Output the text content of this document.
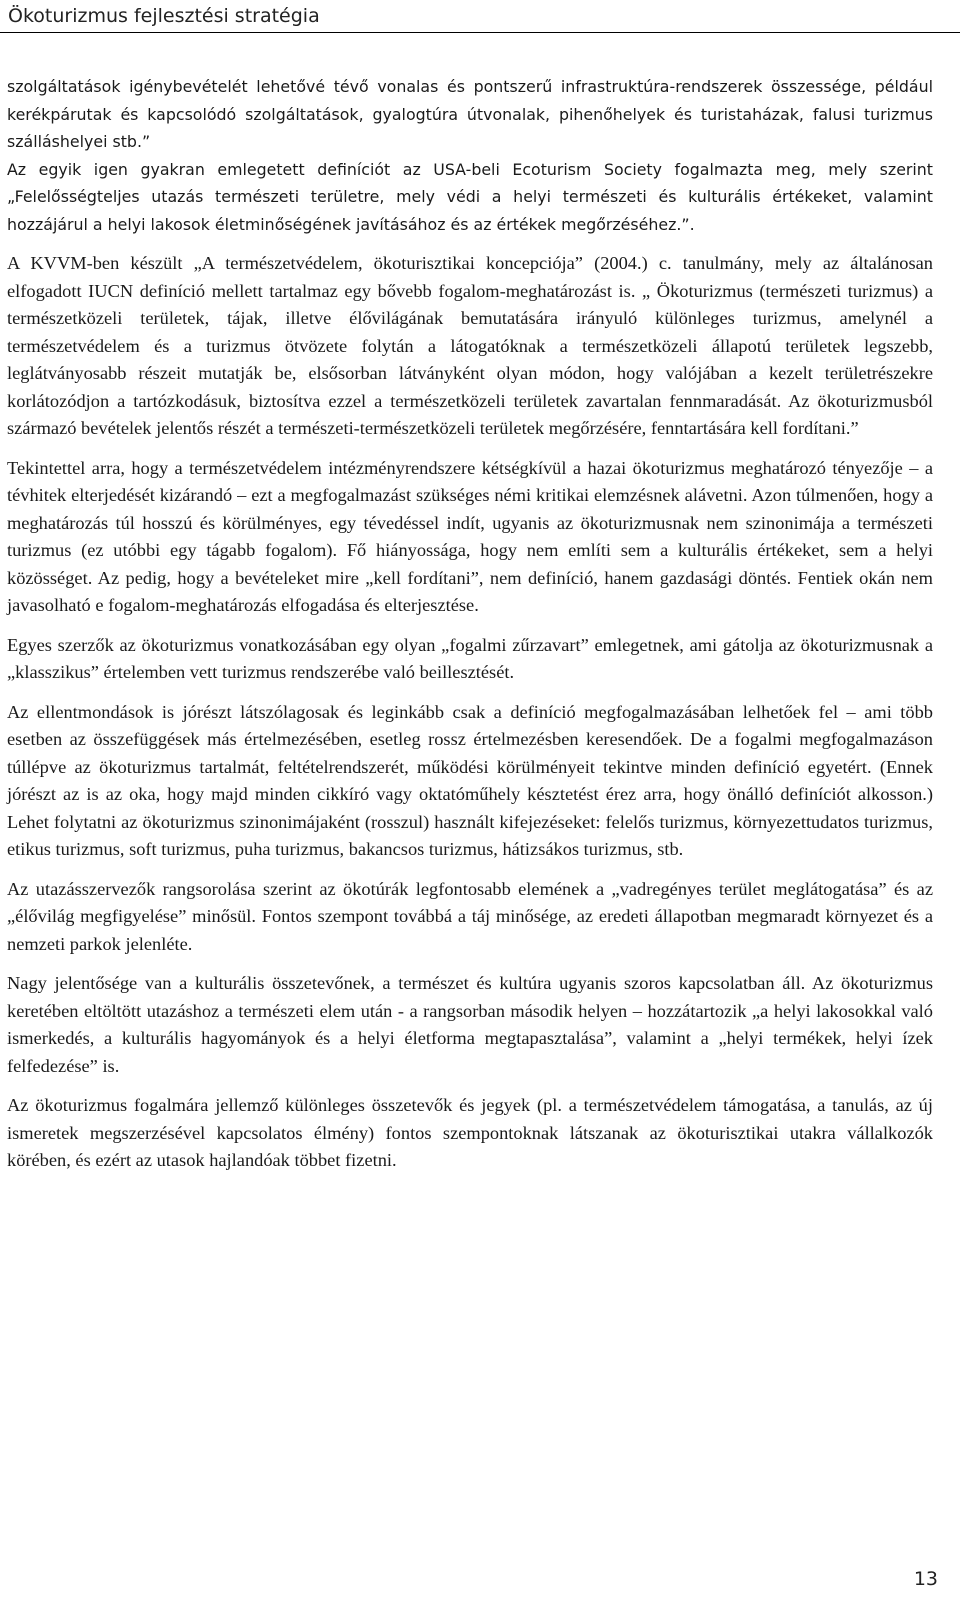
Ökoturizmus fejlesztési stratégia

szolgáltatások igénybevételét lehetővé tévő vonalas és pontszerű infrastruktúra-rendszerek összessége, például kerékpárutak és kapcsolódó szolgáltatások, gyalogtúra útvonalak, pihenőhelyek és turistaházak, falusi turizmus szálláshelyei stb.”

Az egyik igen gyakran emlegetett definíciót az USA-beli Ecoturism Society fogalmazta meg, mely szerint „Felelősségteljes utazás természeti területre, mely védi a helyi természeti és kulturális értékeket, valamint hozzájárul a helyi lakosok életminőségének javításához és az értékek megőrzéséhez.”.

A KVVM-ben készült „A természetvédelem, ökoturisztikai koncepciója” (2004.) c. tanulmány, mely az általánosan elfogadott IUCN definíció mellett tartalmaz egy bővebb fogalom-meghatározást is. „ Ökoturizmus (természeti turizmus) a természetközeli területek, tájak, illetve élővilágának bemutatására irányuló különleges turizmus, amelynél a természetvédelem és a turizmus ötvözete folytán a látogatóknak a természetközeli állapotú területek legszebb, leglátványosabb részeit mutatják be, elsősorban látványként olyan módon, hogy valójában a kezelt területrészekre korlátozódjon a tartózkodásuk, biztosítva ezzel a természetközeli területek zavartalan fennmaradását. Az ökoturizmusból származó bevételek jelentős részét a természeti-természetközeli területek megőrzésére, fenntartására kell fordítani.”

Tekintettel arra, hogy a természetvédelem intézményrendszere kétségkívül a hazai ökoturizmus meghatározó tényezője – a tévhitek elterjedését kizárandó – ezt a megfogalmazást szükséges némi kritikai elemzésnek alávetni. Azon túlmenően, hogy a meghatározás túl hosszú és körülményes, egy tévedéssel indít, ugyanis az ökoturizmusnak nem szinonimája a természeti turizmus (ez utóbbi egy tágabb fogalom). Fő hiányossága, hogy nem említi sem a kulturális értékeket, sem a helyi közösséget. Az pedig, hogy a bevételeket mire „kell fordítani”, nem definíció, hanem gazdasági döntés. Fentiek okán nem javasolható e fogalom-meghatározás elfogadása és elterjesztése.

Egyes szerzők az ökoturizmus vonatkozásában egy olyan „fogalmi zűrzavart” emlegetnek, ami gátolja az ökoturizmusnak a „klasszikus” értelemben vett turizmus rendszerébe való beillesztését.

Az ellentmondások is jórészt látszólagosak és leginkább csak a definíció megfogalmazásában lelhetőek fel – ami több esetben az összefüggések más értelmezésében, esetleg rossz értelmezésben keresendőek. De a fogalmi megfogalmazáson túllépve az ökoturizmus tartalmát, feltételrendszerét, működési körülményeit tekintve minden definíció egyetért. (Ennek jórészt az is az oka, hogy majd minden cikkíró vagy oktatóműhely késztetést érez arra, hogy önálló definíciót alkosson.) Lehet folytatni az ökoturizmus szinonimájaként (rosszul) használt kifejezéseket: felelős turizmus, környezettudatos turizmus, etikus turizmus, soft turizmus, puha turizmus, bakancsos turizmus, hátizsákos turizmus, stb.

Az utazásszervezők rangsorolása szerint az ökotúrák legfontosabb elemének a „vadregényes terület meglátogatása” és az „élővilág megfigyelése” minősül. Fontos szempont továbbá a táj minősége, az eredeti állapotban megmaradt környezet és a nemzeti parkok jelenléte.

Nagy jelentősége van a kulturális összetevőnek, a természet és kultúra ugyanis szoros kapcsolatban áll. Az ökoturizmus keretében eltöltött utazáshoz a természeti elem után - a rangsorban második helyen – hozzátartozik „a helyi lakosokkal való ismerkedés, a kulturális hagyományok és a helyi életforma megtapasztalása”, valamint a „helyi termékek, helyi ízek felfedezése” is.

Az ökoturizmus fogalmára jellemző különleges összetevők és jegyek (pl. a természetvédelem támogatása, a tanulás, az új ismeretek megszerzésével kapcsolatos élmény) fontos szempontoknak látszanak az ökoturisztikai utakra vállalkozók körében, és ezért az utasok hajlandóak többet fizetni.

13
